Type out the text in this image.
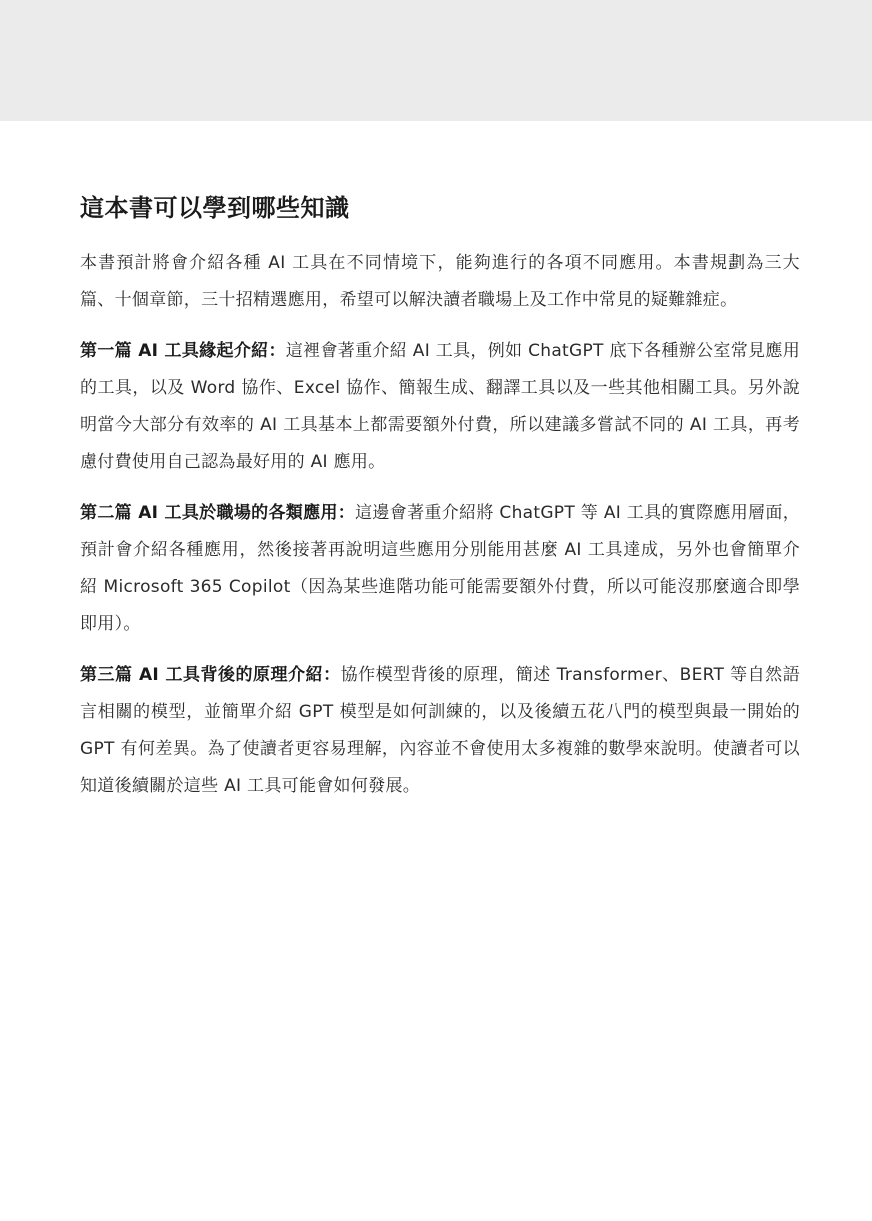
這本書可以學到哪些知識

本書預計將會介紹各種 AI 工具在不同情境下，能夠進行的各項不同應用。本書規劃為三大篇、十個章節，三十招精選應用，希望可以解決讀者職場上及工作中常見的疑難雜症。

第一篇 AI 工具緣起介紹：這裡會著重介紹 AI 工具，例如 ChatGPT 底下各種辦公室常見應用的工具，以及 Word 協作、Excel 協作、簡報生成、翻譯工具以及一些其他相關工具。另外說明當今大部分有效率的 AI 工具基本上都需要額外付費，所以建議多嘗試不同的 AI 工具，再考慮付費使用自己認為最好用的 AI 應用。

第二篇 AI 工具於職場的各類應用：這邊會著重介紹將 ChatGPT 等 AI 工具的實際應用層面，預計會介紹各種應用，然後接著再說明這些應用分別能用甚麼 AI 工具達成，另外也會簡單介紹 Microsoft 365 Copilot（因為某些進階功能可能需要額外付費，所以可能沒那麼適合即學即用）。

第三篇 AI 工具背後的原理介紹：協作模型背後的原理，簡述 Transformer、BERT 等自然語言相關的模型，並簡單介紹 GPT 模型是如何訓練的，以及後續五花八門的模型與最一開始的 GPT 有何差異。為了使讀者更容易理解，內容並不會使用太多複雜的數學來說明。使讀者可以知道後續關於這些 AI 工具可能會如何發展。
